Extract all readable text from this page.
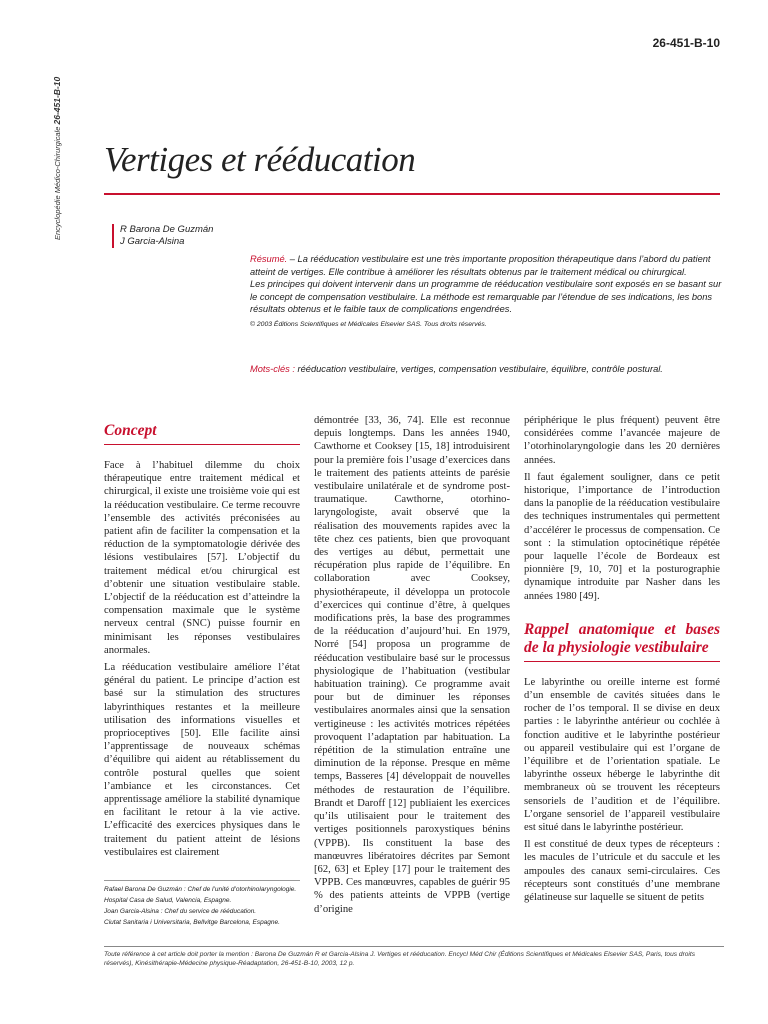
Encyclopédie Médico-Chirurgicale 26-451-B-10
26-451-B-10
Vertiges et rééducation
R Barona De Guzmán
J Garcia-Alsina

Résumé. – La rééducation vestibulaire est une très importante proposition thérapeutique dans l’abord du patient atteint de vertiges. Elle contribue à améliorer les résultats obtenus par le traitement médical ou chirurgical.

Les principes qui doivent intervenir dans un programme de rééducation vestibulaire sont exposés en se basant sur le concept de compensation vestibulaire. La méthode est remarquable par l’étendue de ses indications, les bons résultats obtenus et le faible taux de complications engendrées.

© 2003 Éditions Scientifiques et Médicales Elsevier SAS. Tous droits réservés.

Mots-clés : rééducation vestibulaire, vertiges, compensation vestibulaire, équilibre, contrôle postural.
Concept

Face à l’habituel dilemme du choix thérapeutique entre traitement médical et chirurgical, il existe une troisième voie qui est la rééducation vestibulaire. Ce terme recouvre l’ensemble des activités préconisées au patient afin de faciliter la compensation et la réduction de la symptomatologie dérivée des lésions vestibulaires [57]. L’objectif du traitement médical et/ou chirurgical est d’obtenir une situation vestibulaire stable. L’objectif de la rééducation est d’atteindre la compensation maximale que le système nerveux central (SNC) puisse fournir en minimisant les réponses vestibulaires anormales.

La rééducation vestibulaire améliore l’état général du patient. Le principe d’action est basé sur la stimulation des structures labyrinthiques restantes et la meilleure utilisation des informations visuelles et proprioceptives [50]. Elle facilite ainsi l’apprentissage de nouveaux schémas d’équilibre qui aident au rétablissement du contrôle postural quelles que soient l’ambiance et les circonstances. Cet apprentissage améliore la stabilité dynamique en facilitant le retour à la vie active. L’efficacité des exercices physiques dans le traitement du patient atteint de lésions vestibulaires est clairement

démontrée [33, 36, 74]. Elle est reconnue depuis longtemps. Dans les années 1940, Cawthorne et Cooksey [15, 18] introduisirent pour la première fois l’usage d’exercices dans le traitement des patients atteints de parésie vestibulaire unilatérale et de syndrome post-traumatique. Cawthorne, otorhino-laryngologiste, avait observé que la réalisation des mouvements rapides avec la tête chez ces patients, bien que provoquant des vertiges au début, permettait une récupération plus rapide de l’équilibre. En collaboration avec Cooksey, physiothérapeute, il développa un protocole d’exercices qui continue d’être, à quelques modifications près, la base des programmes de la rééducation d’aujourd’hui. En 1979, Norré [54] proposa un programme de rééducation vestibulaire basé sur le processus physiologique de l’habituation (vestibular habituation training). Ce programme avait pour but de diminuer les réponses vestibulaires anormales ainsi que la sensation vertigineuse : les activités motrices répétées provoquent l’adaptation par habituation. La répétition de la stimulation entraîne une diminution de la réponse. Presque en même temps, Basseres [4] développait de nouvelles méthodes de restauration de l’équilibre. Brandt et Daroff [12] publiaient les exercices qu’ils utilisaient pour le traitement des vertiges positionnels paroxystiques bénins (VPPB). Ils constituent la base des manœuvres libératoires décrites par Semont [62, 63] et Epley [17] pour le traitement des VPPB. Ces manœuvres, capables de guérir 95 % des patients atteints de VPPB (vertige d’origine

périphérique le plus fréquent) peuvent être considérées comme l’avancée majeure de l’otorhinolaryngologie dans les 20 dernières années.

Il faut également souligner, dans ce petit historique, l’importance de l’introduction dans la panoplie de la rééducation vestibulaire des techniques instrumentales qui permettent d’accélérer le processus de compensation. Ce sont : la stimulation optocinétique répétée pour laquelle l’école de Bordeaux est pionnière [9, 10, 70] et la posturographie dynamique introduite par Nasher dans les années 1980 [49].

Rappel anatomique et bases de la physiologie vestibulaire

Le labyrinthe ou oreille interne est formé d’un ensemble de cavités situées dans le rocher de l’os temporal. Il se divise en deux parties : le labyrinthe antérieur ou cochlée à fonction auditive et le labyrinthe postérieur ou appareil vestibulaire qui est l’organe de l’équilibre et de l’orientation spatiale. Le labyrinthe osseux héberge le labyrinthe dit membraneux où se trouvent les récepteurs sensoriels de l’audition et de l’équilibre. L’organe sensoriel de l’appareil vestibulaire est situé dans le labyrinthe postérieur.

Il est constitué de deux types de récepteurs : les macules de l’utricule et du saccule et les ampoules des canaux semi-circulaires. Ces récepteurs sont constitués d’une membrane gélatineuse sur laquelle se situent de petits

Rafael Barona De Guzmán : Chef de l’unité d’otorhinolaryngologie.

Hospital Casa de Salud, Valencia, Espagne.

Joan Garcia-Alsina : Chef du service de rééducation.

Ciutat Sanitaria i Universitaria, Bellvitge Barcelona, Espagne.

Toute référence à cet article doit porter la mention : Barona De Guzmán R et Garcia-Alsina J. Vertiges et rééducation. Encycl Méd Chir (Éditions Scientifiques et Médicales Elsevier SAS, Paris, tous droits réservés), Kinésithérapie-Médecine physique-Réadaptation, 26-451-B-10, 2003, 12 p.
